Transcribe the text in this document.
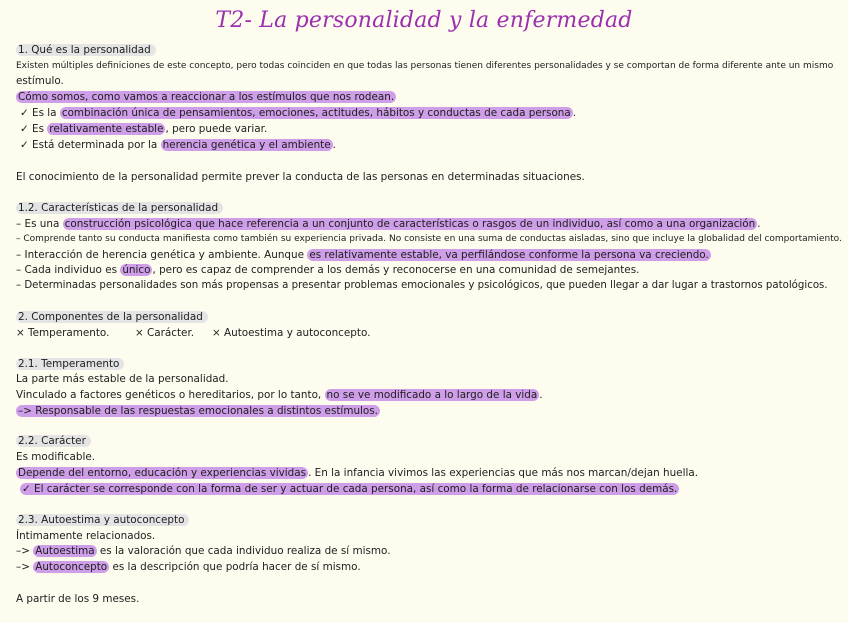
T2- La personalidad y la enfermedad
1. Qué es la personalidad
Existen múltiples definiciones de este concepto, pero todas coinciden en que todas las personas tienen diferentes personalidades y se comportan de forma diferente ante un mismo
estímulo.
Cómo somos, como vamos a reaccionar a los estímulos que nos rodean.
✓ Es la combinación única de pensamientos, emociones, actitudes, hábitos y conductas de cada persona .
✓ Es relativamente estable , pero puede variar.
✓ Está determinada por la herencia genética y el ambiente .
El conocimiento de la personalidad permite prever la conducta de las personas en determinadas situaciones.
1.2. Características de la personalidad
– Es una construcción psicológica que hace referencia a un conjunto de características o rasgos de un individuo, así como a una organización .
– Comprende tanto su conducta manifiesta como también su experiencia privada. No consiste en una suma de conductas aisladas, sino que incluye la globalidad del comportamiento.
– Interacción de herencia genética y ambiente. Aunque es relativamente estable, va perfilándose conforme la persona va creciendo.
– Cada individuo es único , pero es capaz de comprender a los demás y reconocerse en una comunidad de semejantes.
– Determinadas personalidades son más propensas a presentar problemas emocionales y psicológicos, que pueden llegar a dar lugar a trastornos patológicos.
2. Componentes de la personalidad
× Temperamento. × Carácter. × Autoestima y autoconcepto.
2.1. Temperamento
La parte más estable de la personalidad.
Vinculado a factores genéticos o hereditarios, por lo tanto, no se ve modificado a lo largo de la vida .
–> Responsable de las respuestas emocionales a distintos estímulos.
2.2. Carácter
Es modificable.
Depende del entorno, educación y experiencias vividas . En la infancia vivimos las experiencias que más nos marcan/dejan huella.
✓ El carácter se corresponde con la forma de ser y actuar de cada persona, así como la forma de relacionarse con los demás.
2.3. Autoestima y autoconcepto
Íntimamente relacionados.
–> Autoestima es la valoración que cada individuo realiza de sí mismo.
–> Autoconcepto es la descripción que podría hacer de sí mismo.
A partir de los 9 meses.
